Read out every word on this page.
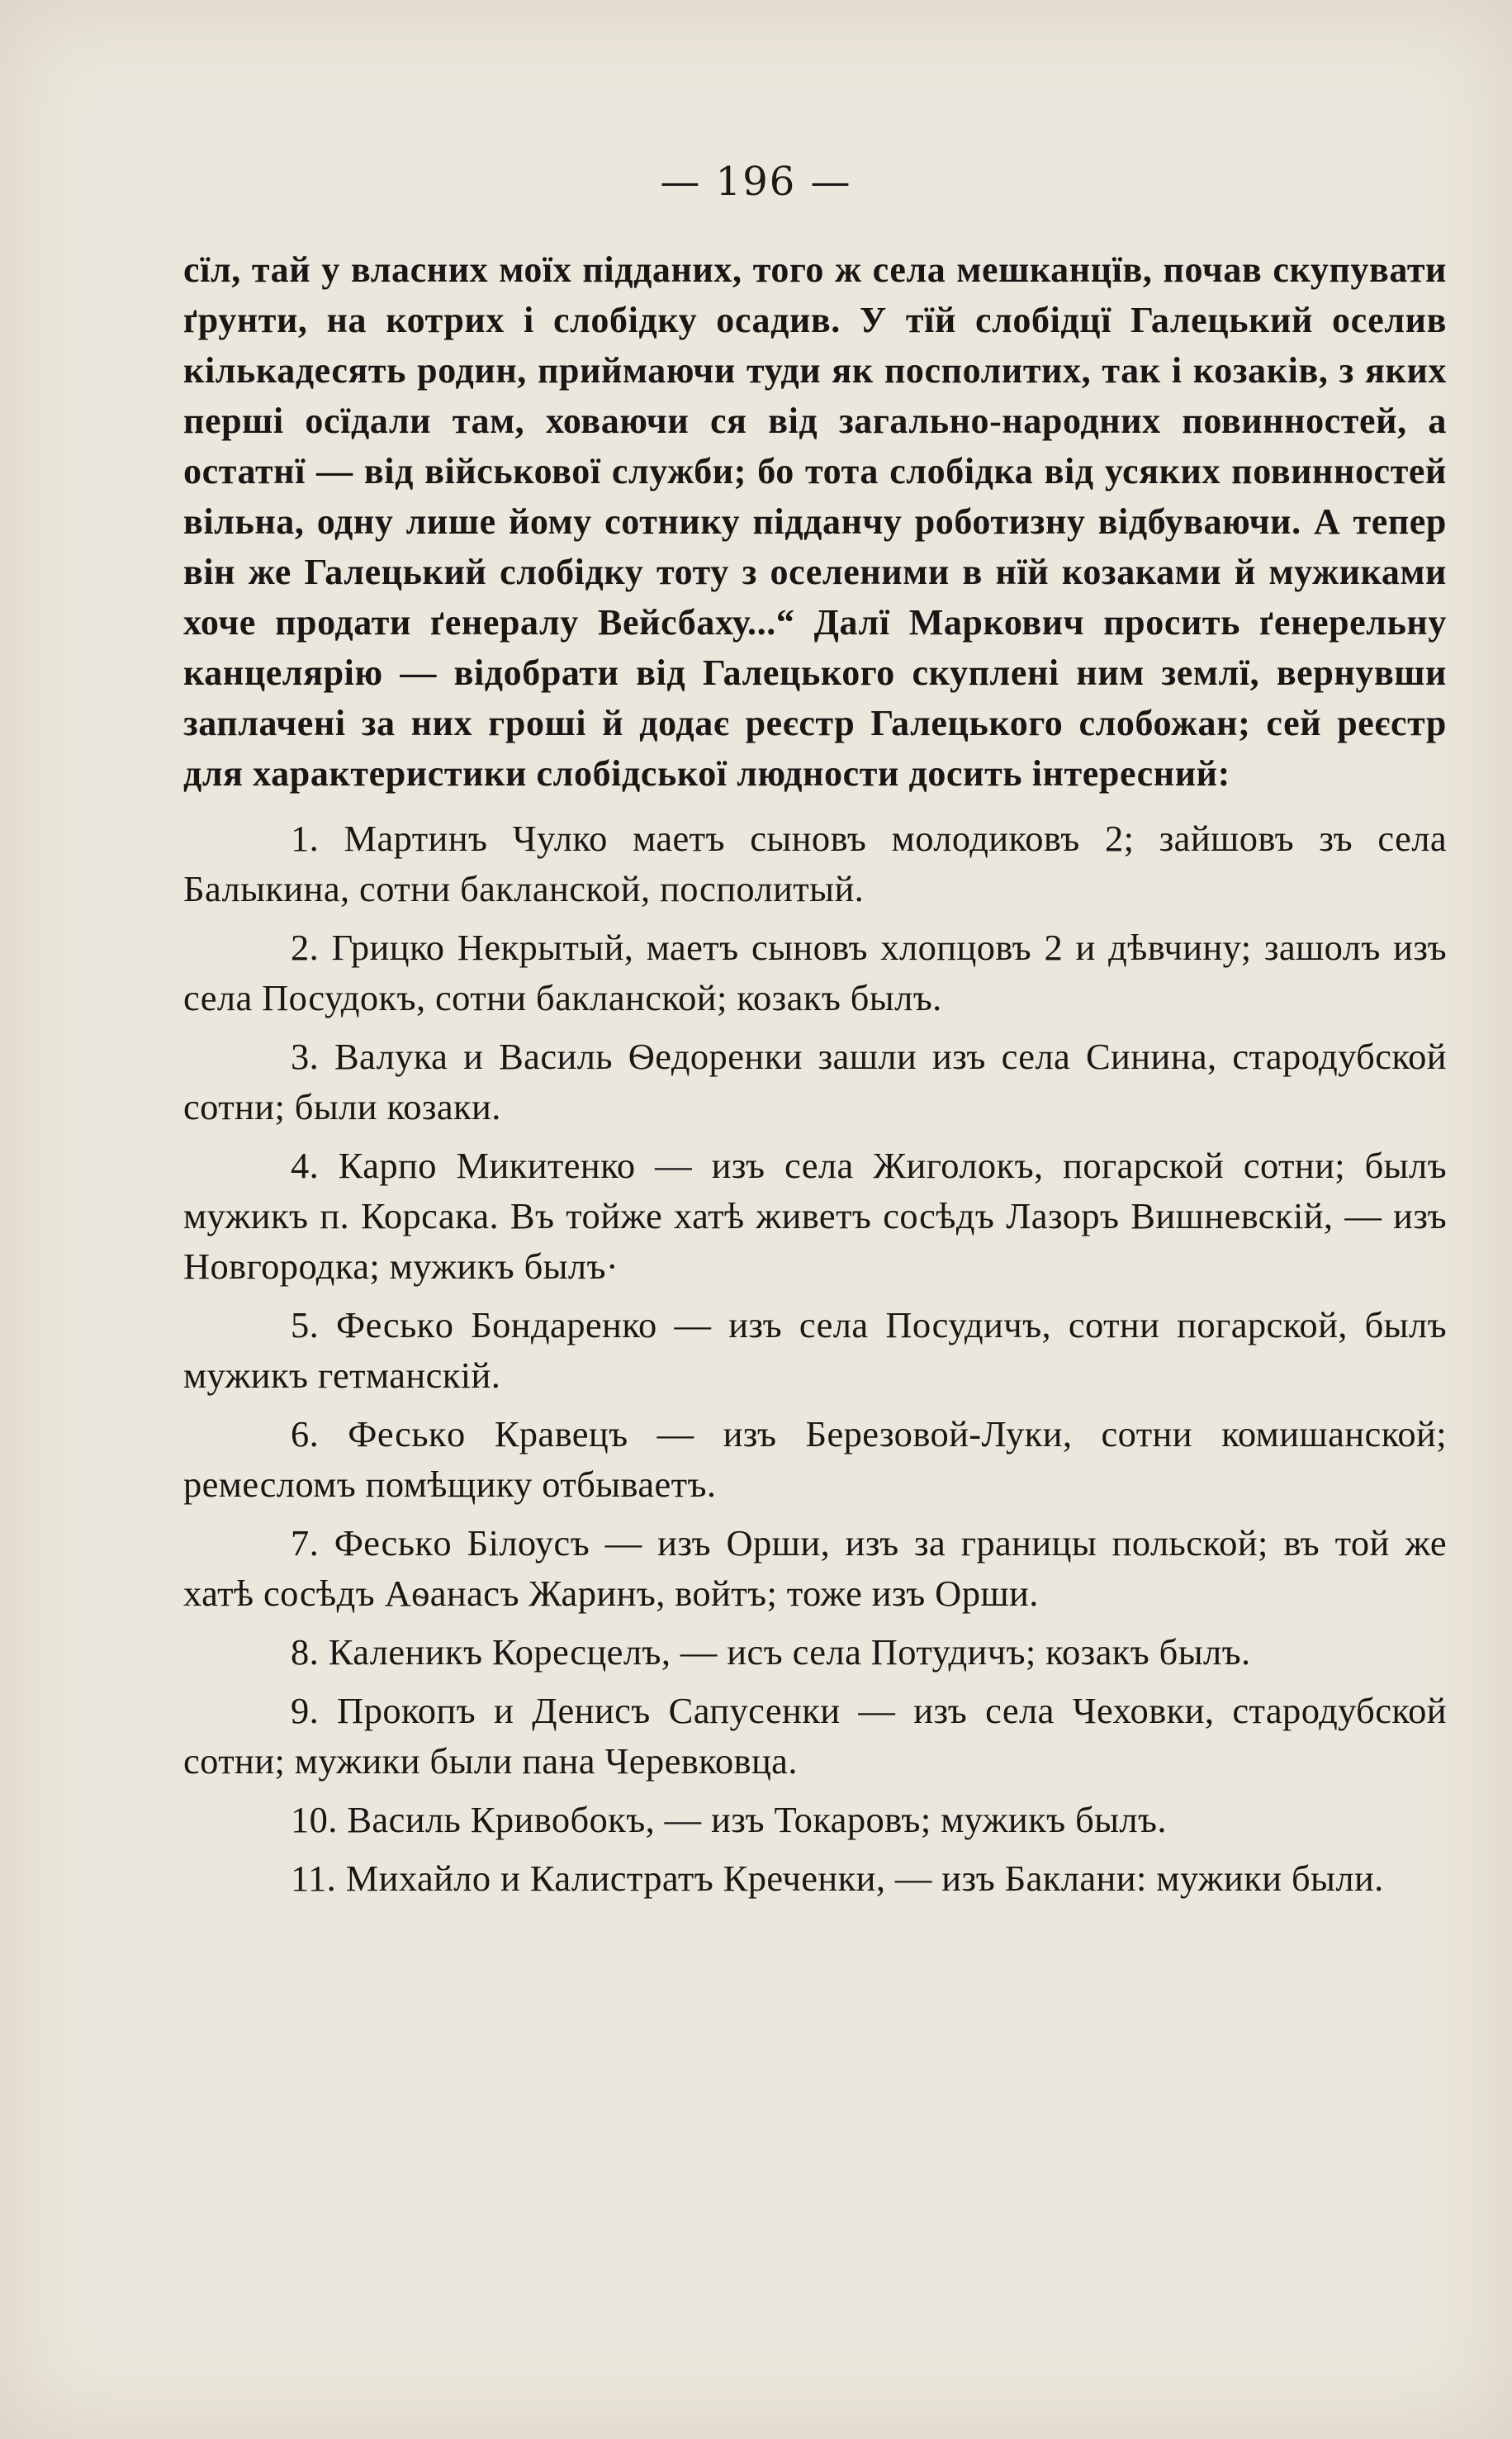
— 196 —

сїл, тай у власних моїх пiдданих, того ж села мешканцїв, почав скупувати ґрунти, на котрих і слобідку осадив. У тїй слобідцї Галецький оселив кількадесять родин, приймаючи туди як посполитих, так і козаків, з яких перші осїдали там, ховаючи ся від загально-народних повинностей, а остатнї — від військової служби; бо тота слобідка від усяких повинностей вільна, одну лише йому сотнику підданчу роботизну відбуваючи. А тепер він же Галецький слобідку тоту з оселеними в нїй козаками й мужиками хоче продати ґенералу Вейсбаху...“ Далї Маркович просить ґенерельну канцелярію — відобрати від Галецького скуплені ним землї, вернувши заплачені за них гроші й додає реєстр Галецького слобожан; сей реєстр для характеристики слобідської людности досить інтересний:

1. Мартинъ Чулко маетъ сыновъ молодиковъ 2; зайшовъ зъ села Балыкина, сотни бакланской, посполитый.
2. Грицко Некрытый, маетъ сыновъ хлопцовъ 2 и дѣвчину; зашолъ изъ села Посудокъ, сотни бакланской; козакъ былъ.
3. Валука и Василь Ѳедоренки зашли изъ села Синина, стародубской сотни; были козаки.
4. Карпо Микитенко — изъ села Жиголокъ, погарской сотни; былъ мужикъ п. Корсака. Въ тойже хатѣ живетъ сосѣдъ Лазоръ Вишневскій, — изъ Новгородка; мужикъ былъ·
5. Феськo Бондаренко — изъ села Посудичъ, сотни погарской, былъ мужикъ гетманскій.
6. Феськo Кравецъ — изъ Березовой-Луки, сотни комишанской; ремесломъ помѣщику отбываетъ.
7. Феськo Бiлоусъ — изъ Орши, изъ за границы польской; въ той же хатѣ сосѣдъ Аѳанасъ Жаринъ, войтъ; тоже изъ Орши.
8. Каленикъ Коресцелъ, — исъ села Потудичъ; козакъ былъ.
9. Прокопъ и Денисъ Сапусенки — изъ села Чеховки, стародубской сотни; мужики были пана Черевковца.
10. Василь Кривобокъ, — изъ Токаровъ; мужикъ былъ.
11. Михайло и Калистратъ Кречeнки, — изъ Баклани: мужики были.
